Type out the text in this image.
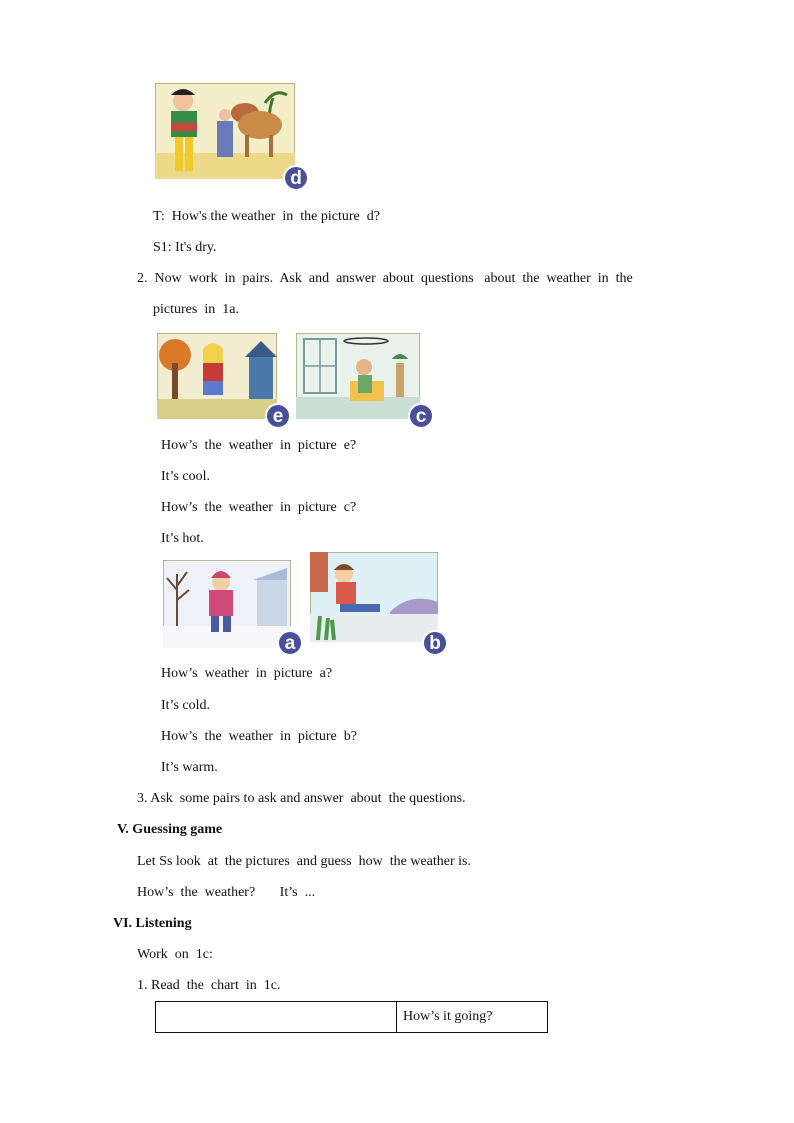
d
T:  How's the weather  in  the picture  d?
S1: It's dry.
2.  Now  work  in  pairs.  Ask  and  answer  about  questions   about  the  weather  in  the
pictures  in  1a.
e	c
How’s  the  weather  in  picture  e?
It’s cool.
How’s  the  weather  in  picture  c?
It’s hot.
a	b
How’s  weather  in  picture  a?
It’s cold.
How’s  the  weather  in  picture  b?
It’s warm.
3. Ask  some pairs to ask and answer  about  the questions.
V. Guessing game
Let Ss look  at  the pictures  and guess  how  the weather is.
How’s  the  weather?       It’s  ...
VI. Listening
Work  on  1c:
1. Read  the  chart  in  1c.
	How’s it going?
